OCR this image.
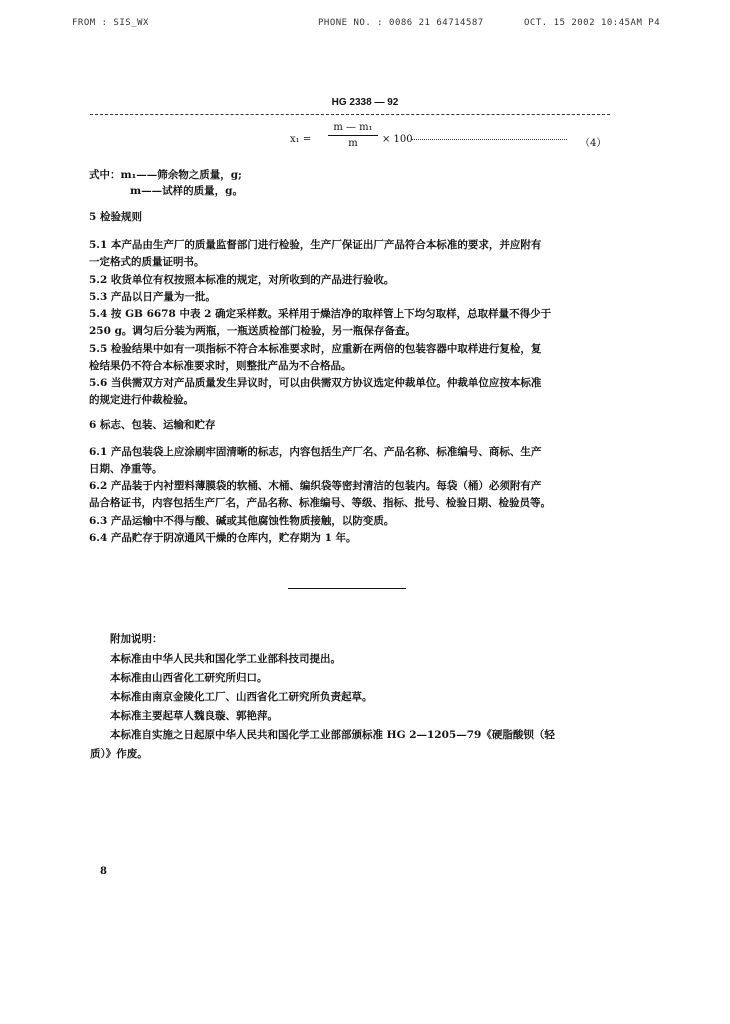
FROM : SIS_WX	PHONE NO. : 0086 21 64714587	OCT. 15 2002 10:45AM P4
HG 2338 — 92
$x_1 = \frac{\text{m — m₁}}{m} \times 100$	（4）
式中：m₁——筛余物之质量，g;
m——试样的质量，g。
5 检验规则
5.1 本产品由生产厂的质量监督部门进行检验，生产厂保证出厂产品符合本标准的要求，并应附有
一定格式的质量证明书。
5.2 收货单位有权按照本标准的规定，对所收到的产品进行验收。
5.3 产品以日产量为一批。
5.4 按 GB 6678 中表 2 确定采样数。采样用于燥洁净的取样管上下均匀取样，总取样量不得少于
250 g。调匀后分装为两瓶，一瓶送质检部门检验，另一瓶保存备查。
5.5 检验结果中如有一项指标不符合本标准要求时，应重新在两倍的包装容器中取样进行复检，复
检结果仍不符合本标准要求时，则整批产品为不合格品。
5.6 当供需双方对产品质量发生异议时，可以由供需双方协议选定仲裁单位。仲裁单位应按本标准
的规定进行仲裁检验。
6 标志、包装、运输和贮存
6.1 产品包装袋上应涂刷牢固清晰的标志，内容包括生产厂名、产品名称、标准编号、商标、生产
日期、净重等。
6.2 产品装于内衬塑料薄膜袋的软桶、木桶、编织袋等密封清洁的包装内。每袋（桶）必须附有产
品合格证书，内容包括生产厂名，产品名称、标准编号、等级、指标、批号、检验日期、检验员等。
6.3 产品运输中不得与酸、碱或其他腐蚀性物质接触，以防变质。
6.4 产品贮存于阴凉通风干燥的仓库内，贮存期为 1 年。
附加说明：
本标准由中华人民共和国化学工业部科技司提出。
本标准由山西省化工研究所归口。
本标准由南京金陵化工厂、山西省化工研究所负责起草。
本标准主要起草人魏良璇、郭艳萍。
本标准自实施之日起原中华人民共和国化学工业部部颁标准 HG 2—1205—79《硬脂酸钡（轻
质）》作废。
8
